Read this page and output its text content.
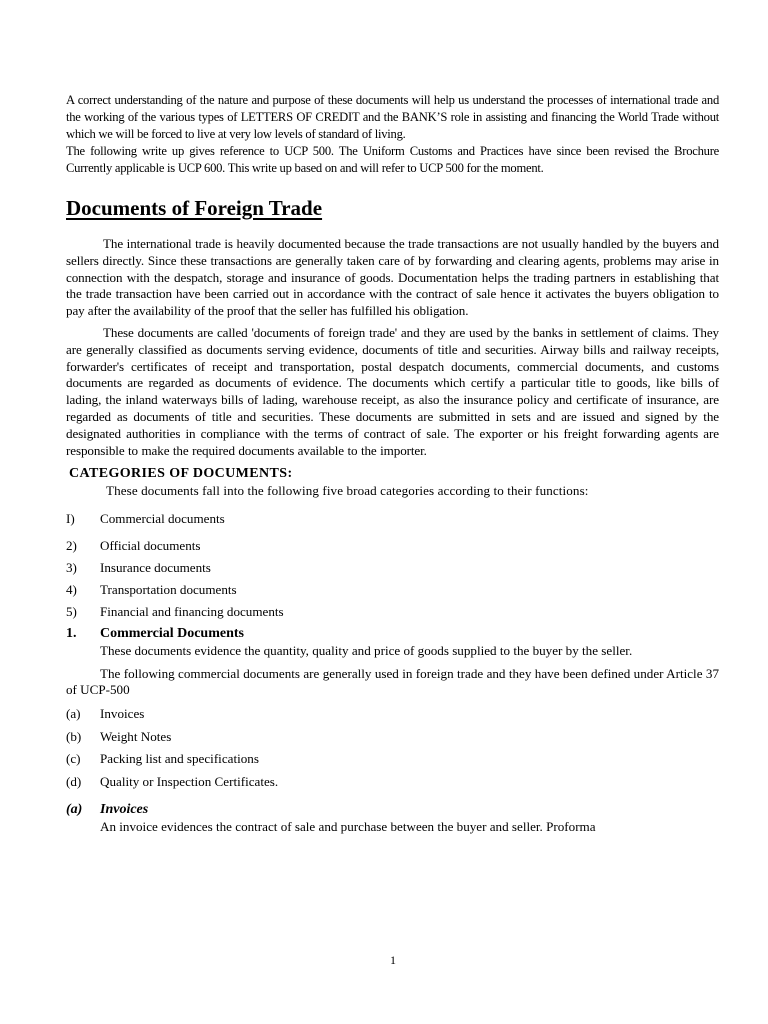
A correct understanding of the nature and purpose of these documents will help us understand the processes of international trade and the working of the various types of LETTERS OF CREDIT and the BANK’S role in assisting and financing the World Trade without which we will be forced to live at very low levels of standard of living.

The following write up gives reference to UCP 500. The Uniform Customs and Practices have since been revised the Brochure Currently applicable is UCP 600. This write up based on and will refer to UCP 500 for the moment.

Documents of Foreign Trade

The international trade is heavily documented because the trade transactions are not usually handled by the buyers and sellers directly. Since these transactions are generally taken care of by forwarding and clearing agents, problems may arise in connection with the despatch, storage and insurance of goods. Documentation helps the trading partners in establishing that the trade transaction have been carried out in accordance with the contract of sale hence it activates the buyers obligation to pay after the availability of the proof that the seller has fulfilled his obligation.

These documents are called 'documents of foreign trade' and they are used by the banks in settlement of claims. They are generally classified as documents serving evidence, documents of title and securities. Airway bills and railway receipts, forwarder's certificates of receipt and transportation, postal despatch documents, commercial documents, and customs documents are regarded as documents of evidence. The documents which certify a particular title to goods, like bills of lading, the inland waterways bills of lading, warehouse receipt, as also the insurance policy and certificate of insurance, are regarded as documents of title and securities. These documents are submitted in sets and are issued and signed by the designated authorities in compliance with the terms of contract of sale. The exporter or his freight forwarding agents are responsible to make the required documents available to the importer.

CATEGORIES OF DOCUMENTS:
These documents fall into the following five broad categories according to their functions:
I)	Commercial documents
2)	Official documents
3)	Insurance documents
4)	Transportation documents
5)	Financial and financing documents
1.	Commercial Documents

These documents evidence the quantity, quality and price of goods supplied to the buyer by the seller.

The following commercial documents are generally used in foreign trade and they have been defined under Article 37 of UCP-500

(a)	Invoices
(b)	Weight Notes
(c)	Packing list and specifications
(d)	Quality or Inspection Certificates.
(a)	Invoices

An invoice evidences the contract of sale and purchase between the buyer and seller. Proforma

1
